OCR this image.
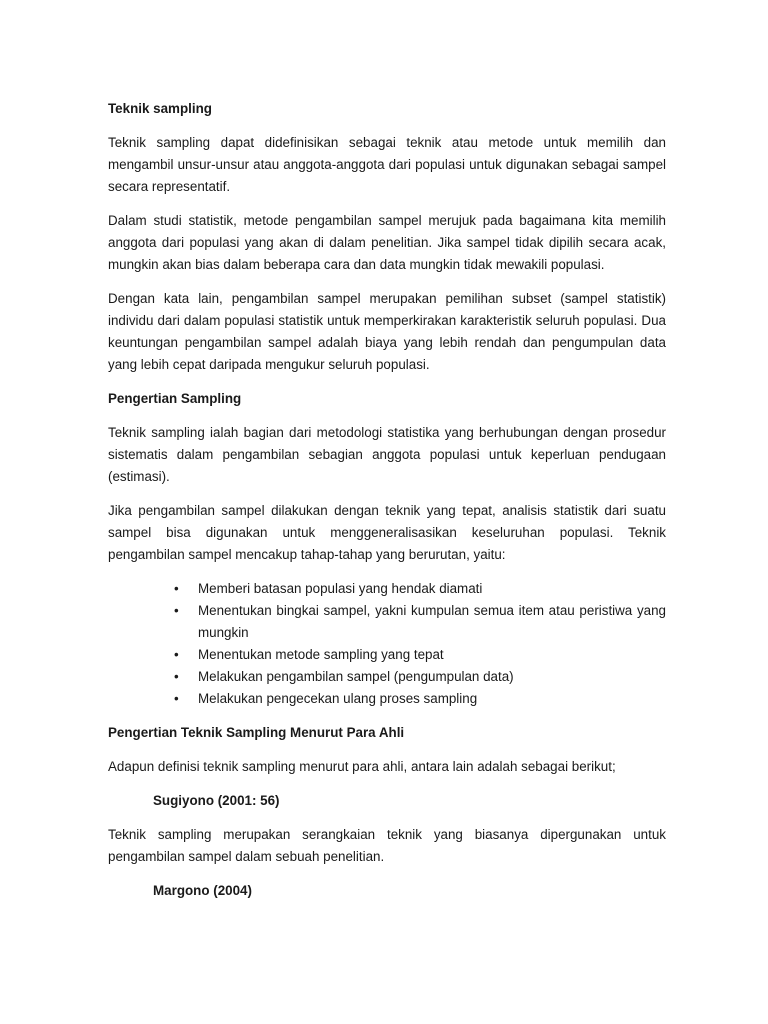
Teknik sampling

Teknik sampling dapat didefinisikan sebagai teknik atau metode untuk memilih dan mengambil unsur-unsur atau anggota-anggota dari populasi untuk digunakan sebagai sampel secara representatif.

Dalam studi statistik, metode pengambilan sampel merujuk pada bagaimana kita memilih anggota dari populasi yang akan di dalam penelitian. Jika sampel tidak dipilih secara acak, mungkin akan bias dalam beberapa cara dan data mungkin tidak mewakili populasi.

Dengan kata lain, pengambilan sampel merupakan pemilihan subset (sampel statistik) individu dari dalam populasi statistik untuk memperkirakan karakteristik seluruh populasi. Dua keuntungan pengambilan sampel adalah biaya yang lebih rendah dan pengumpulan data yang lebih cepat daripada mengukur seluruh populasi.

Pengertian Sampling

Teknik sampling ialah bagian dari metodologi statistika yang berhubungan dengan prosedur sistematis dalam pengambilan sebagian anggota populasi untuk keperluan pendugaan (estimasi).

Jika pengambilan sampel dilakukan dengan teknik yang tepat, analisis statistik dari suatu sampel bisa digunakan untuk menggeneralisasikan keseluruhan populasi. Teknik pengambilan sampel mencakup tahap-tahap yang berurutan, yaitu:

• Memberi batasan populasi yang hendak diamati
• Menentukan bingkai sampel, yakni kumpulan semua item atau peristiwa yang mungkin
• Menentukan metode sampling yang tepat
• Melakukan pengambilan sampel (pengumpulan data)
• Melakukan pengecekan ulang proses sampling
Pengertian Teknik Sampling Menurut Para Ahli

Adapun definisi teknik sampling menurut para ahli, antara lain adalah sebagai berikut;

Sugiyono (2001: 56)

Teknik sampling merupakan serangkaian teknik yang biasanya dipergunakan untuk pengambilan sampel dalam sebuah penelitian.

Margono (2004)
